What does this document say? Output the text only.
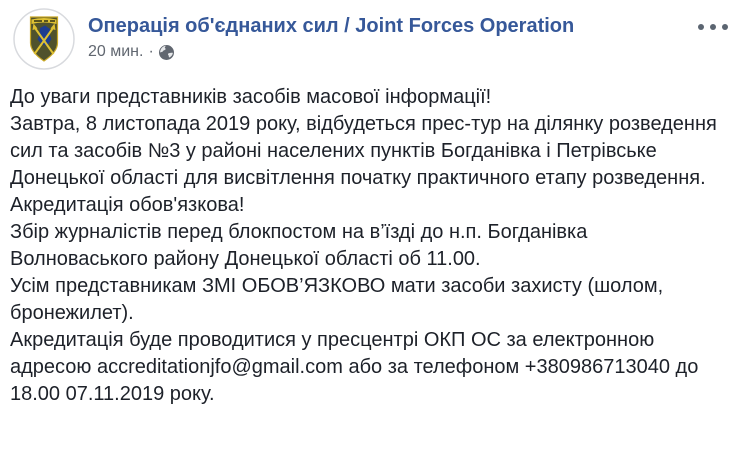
Операція об'єднаних сил / Joint Forces Operation
20 мин. ·

До уваги представників засобів масової інформації!

Завтра, 8 листопада 2019 року, відбудеться прес-тур на ділянку розведення сил та засобів №3 у районі населених пунктів Богданівка і Петрівське Донецької області для висвітлення початку практичного етапу розведення.

Акредитація обов'язкова!

Збір журналістів перед блокпостом на в’їзді до н.п. Богданівка Волноваського району Донецької області об 11.00.

Усім представникам ЗМІ ОБОВ’ЯЗКОВО мати засоби захисту (шолом, бронежилет).

Акредитація буде проводитися у пресцентрі ОКП ОС за електронною адресою accreditationjfo@gmail.com або за телефоном +380986713040 до 18.00 07.11.2019 року.
